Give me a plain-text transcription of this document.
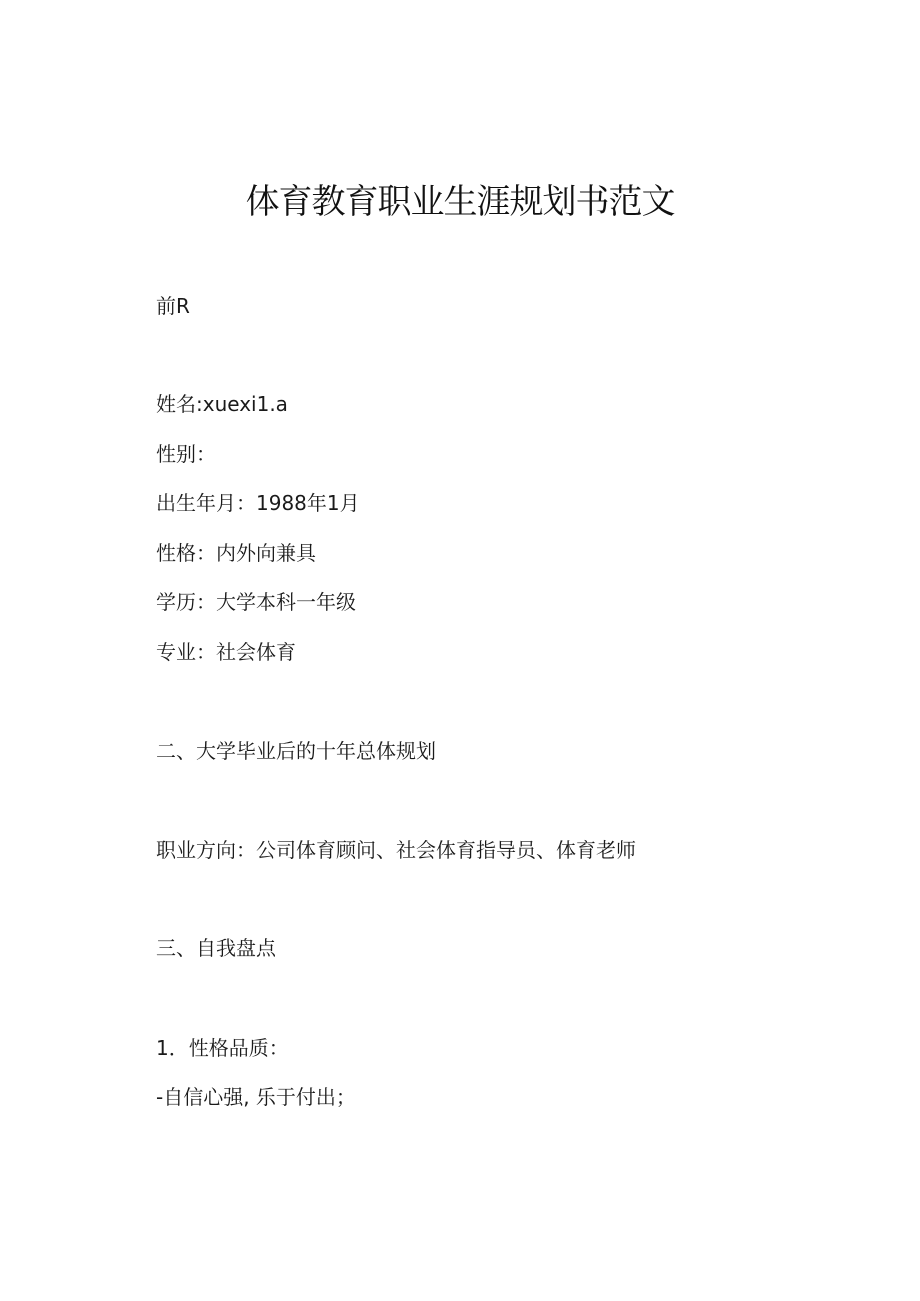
体育教育职业生涯规划书范文
前R
姓名:xuexi1.a
性别：
出生年月：1988年1月
性格：内外向兼具
学历：大学本科一年级
专业：社会体育
二、大学毕业后的十年总体规划
职业方向：公司体育顾问、社会体育指导员、体育老师
三、自我盘点
1．性格品质：
-自信心强, 乐于付出；
